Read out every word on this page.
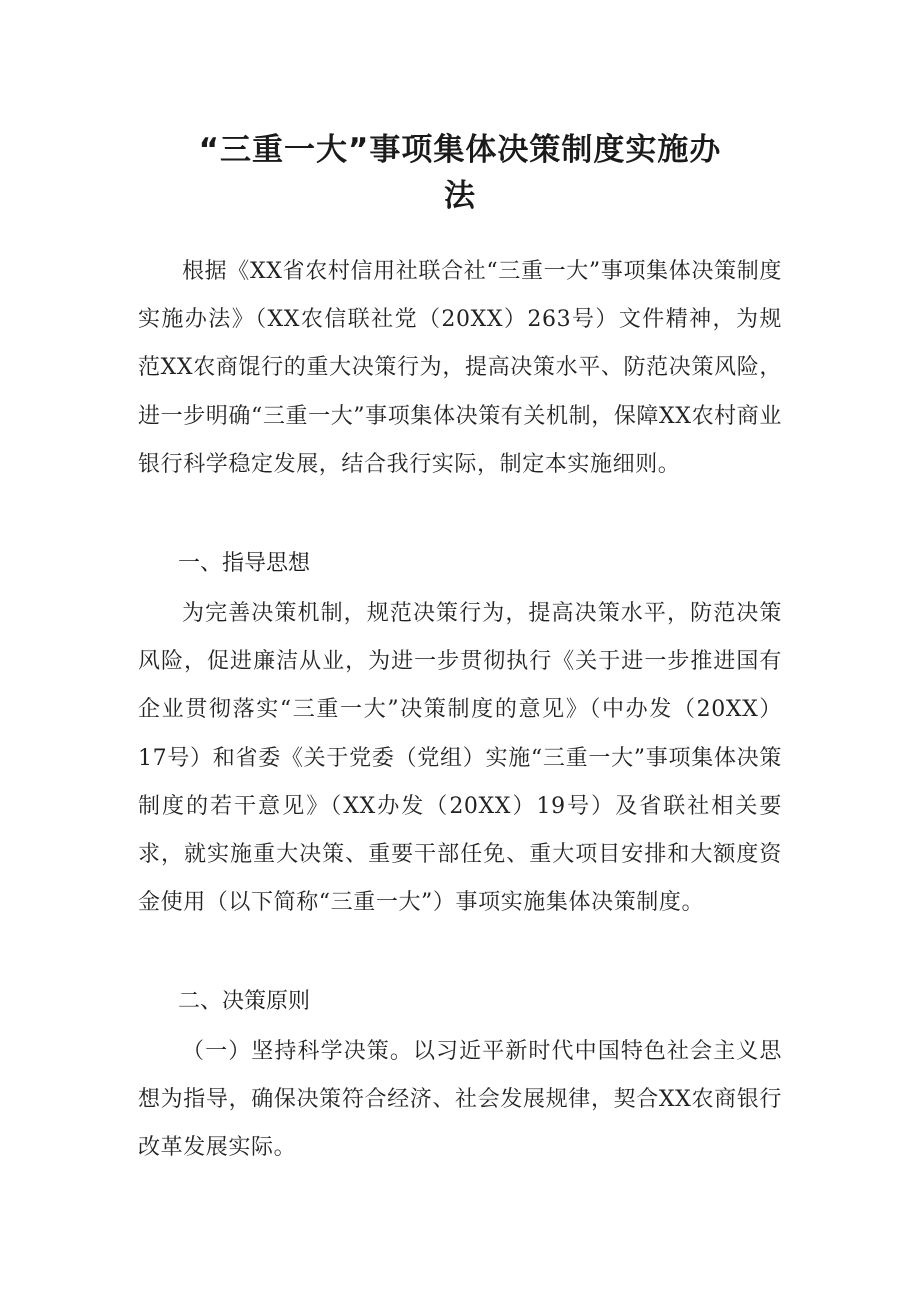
“三重一大”事项集体决策制度实施办
法

根据《XX省农村信用社联合社“三重一大”事项集体决策制度实施办法》（XX农信联社党（20XX）263号）文件精神，为规范XX农商馄行的重大决策行为，提高决策水平、防范决策风险，进一步明确“三重一大”事项集体决策有关机制，保障XX农村商业银行科学稳定发展，结合我行实际，制定本实施细则。

一、指导思想

为完善决策机制，规范决策行为，提高决策水平，防范决策风险，促进廉洁从业，为进一步贯彻执行《关于进一步推进国有企业贯彻落实“三重一大”决策制度的意见》（中办发（20XX）17号）和省委《关于党委（党组）实施“三重一大”事项集体决策制度的若干意见》（XX办发（20XX）19号）及省联社相关要求，就实施重大决策、重要干部任免、重大项目安排和大额度资金使用（以下简称“三重一大”）事项实施集体决策制度。

二、决策原则

（一）坚持科学决策。以习近平新时代中国特色社会主义思想为指导，确保决策符合经济、社会发展规律，契合XX农商银行改革发展实际。
